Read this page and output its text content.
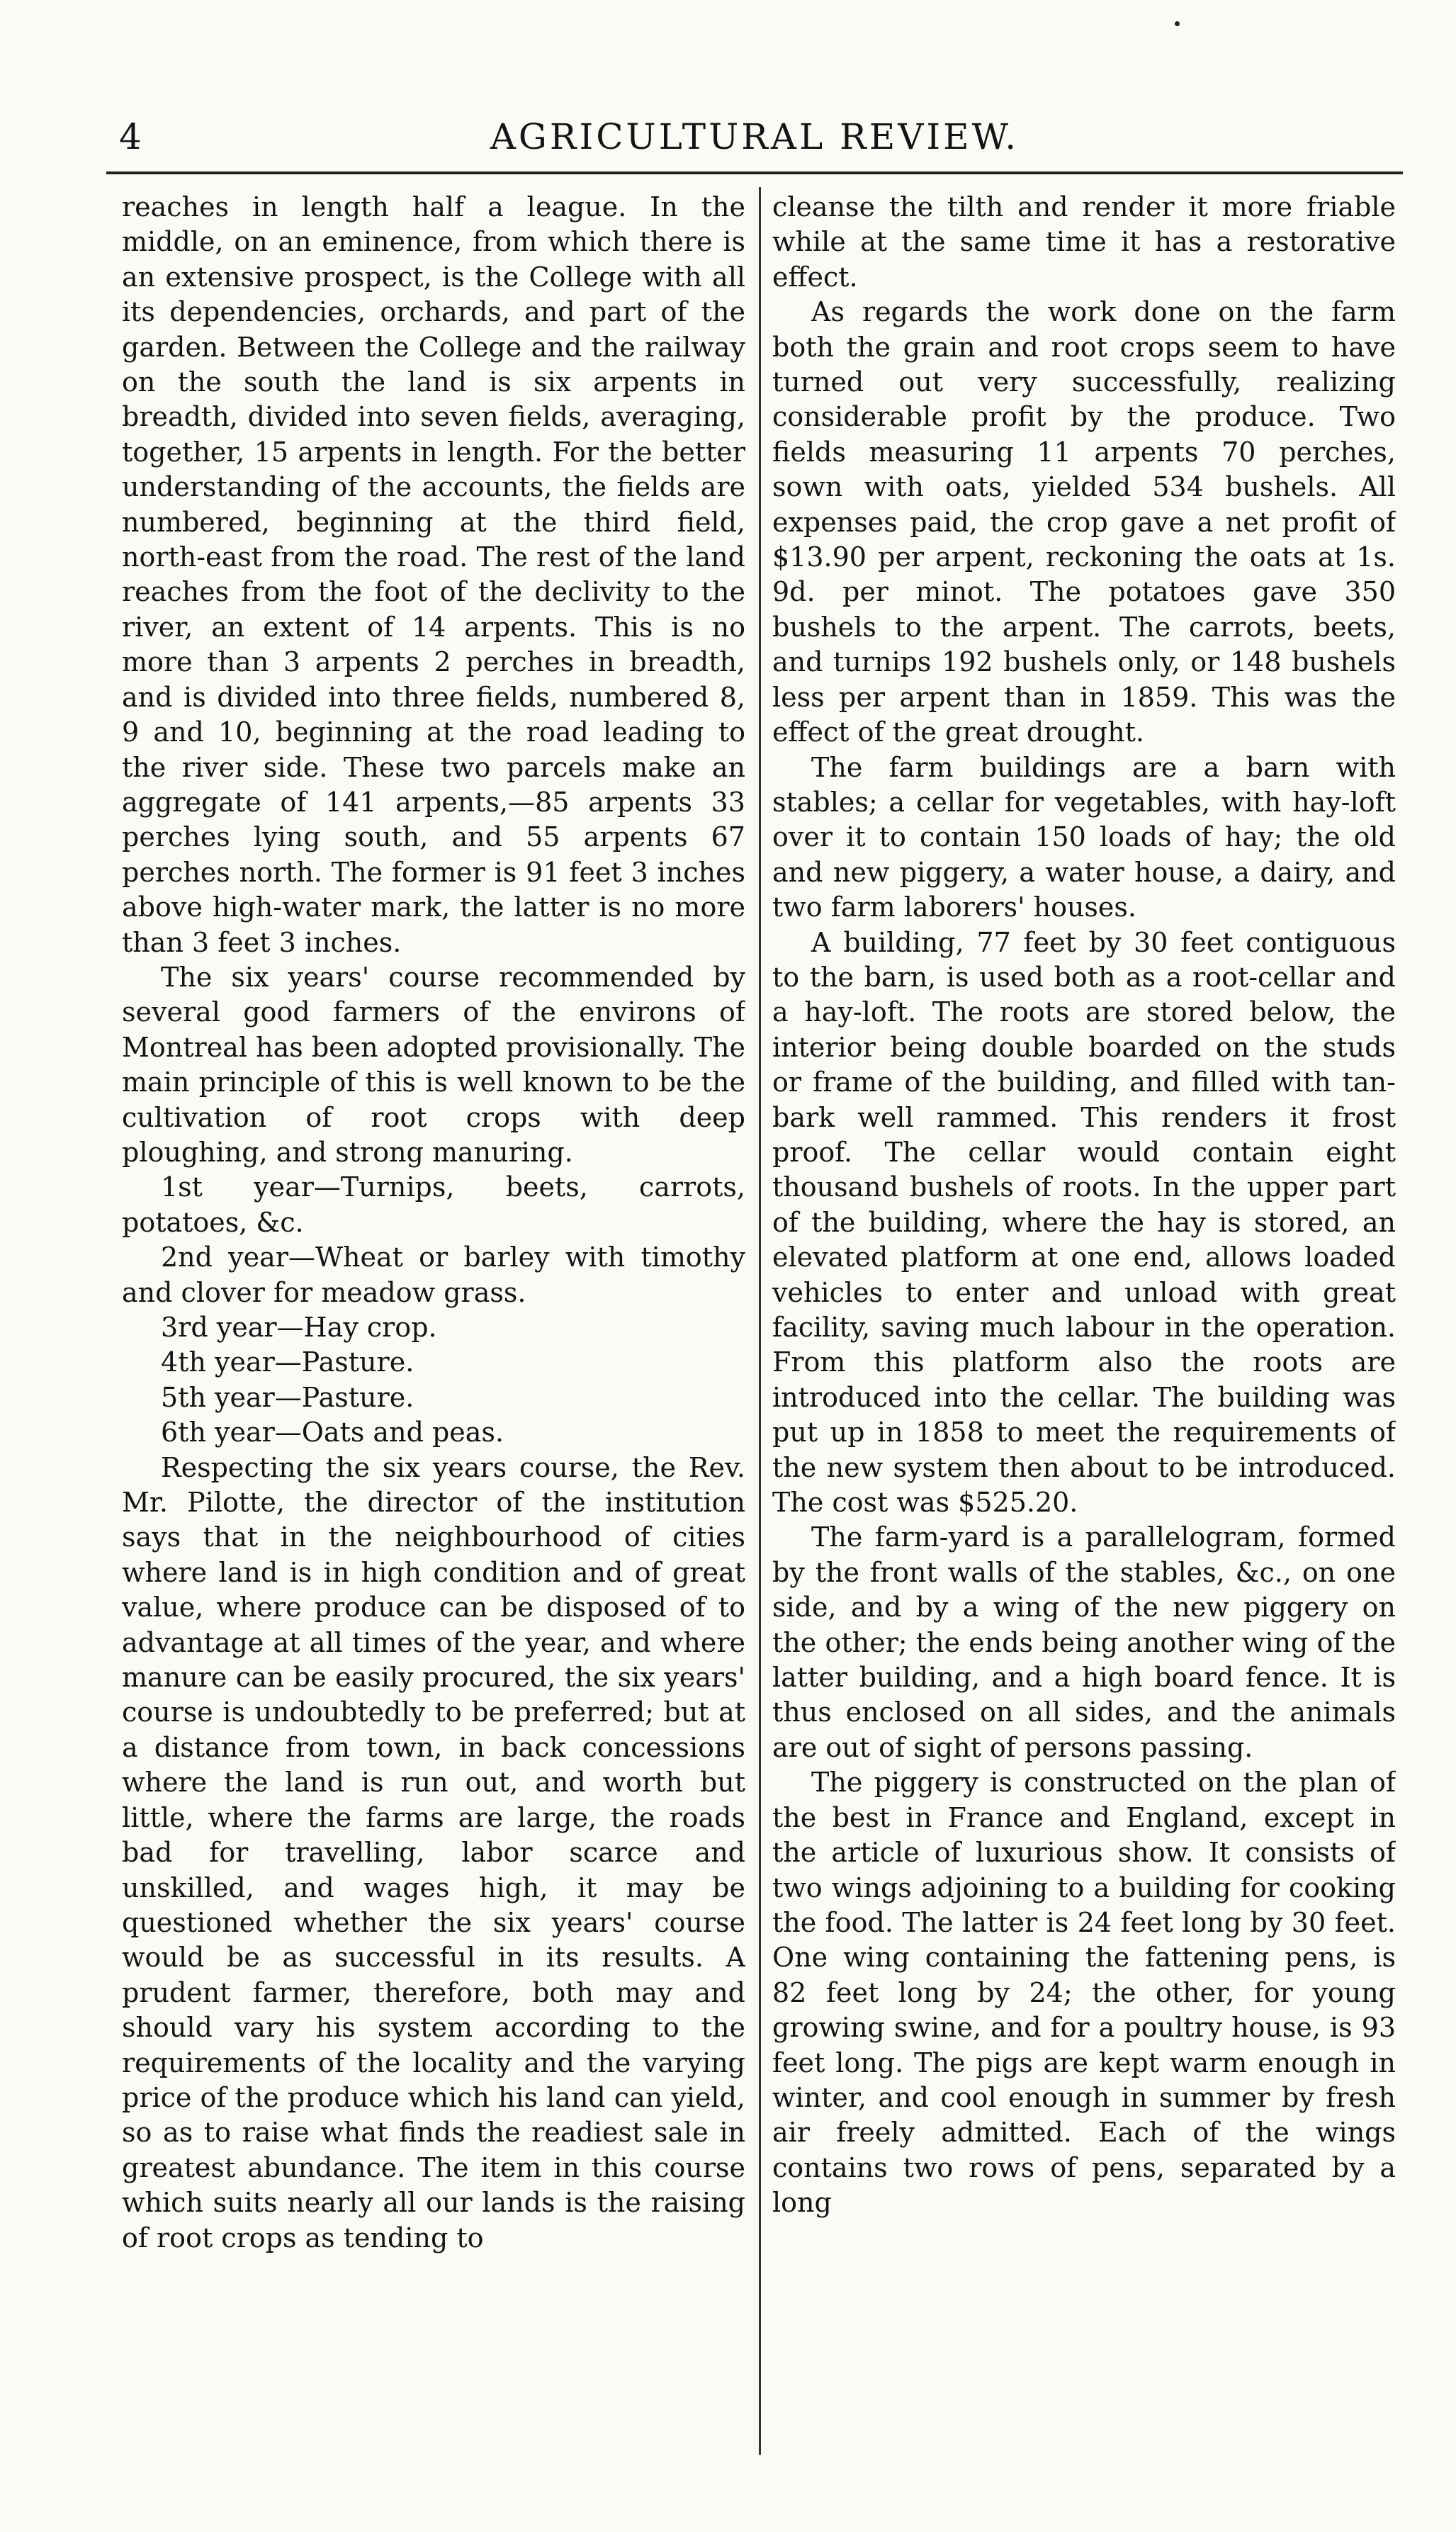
4	AGRICULTURAL REVIEW.

reaches in length half a league. In the middle, on an eminence, from which there is an extensive prospect, is the College with all its dependencies, orchards, and part of the garden. Between the College and the railway on the south the land is six arpents in breadth, divided into seven fields, averaging, together, 15 arpents in length. For the better understanding of the accounts, the fields are numbered, beginning at the third field, north-east from the road. The rest of the land reaches from the foot of the declivity to the river, an extent of 14 arpents. This is no more than 3 arpents 2 perches in breadth, and is divided into three fields, numbered 8, 9 and 10, beginning at the road leading to the river side. These two parcels make an aggregate of 141 arpents,—85 arpents 33 perches lying south, and 55 arpents 67 perches north. The former is 91 feet 3 inches above high-water mark, the latter is no more than 3 feet 3 inches.

The six years' course recommended by several good farmers of the environs of Montreal has been adopted provisionally. The main principle of this is well known to be the cultivation of root crops with deep ploughing, and strong manuring.

1st year—Turnips, beets, carrots, potatoes, &c.

2nd year—Wheat or barley with timothy and clover for meadow grass.

3rd year—Hay crop.

4th year—Pasture.

5th year—Pasture.

6th year—Oats and peas.

Respecting the six years course, the Rev. Mr. Pilotte, the director of the institution says that in the neighbourhood of cities where land is in high condition and of great value, where produce can be disposed of to advantage at all times of the year, and where manure can be easily procured, the six years' course is undoubtedly to be preferred; but at a distance from town, in back concessions where the land is run out, and worth but little, where the farms are large, the roads bad for travelling, labor scarce and unskilled, and wages high, it may be questioned whether the six years' course would be as successful in its results. A prudent farmer, therefore, both may and should vary his system according to the requirements of the locality and the varying price of the produce which his land can yield, so as to raise what finds the readiest sale in greatest abundance. The item in this course which suits nearly all our lands is the raising of root crops as tending to

cleanse the tilth and render it more friable while at the same time it has a restorative effect.

As regards the work done on the farm both the grain and root crops seem to have turned out very successfully, realizing considerable profit by the produce. Two fields measuring 11 arpents 70 perches, sown with oats, yielded 534 bushels. All expenses paid, the crop gave a net profit of $13.90 per arpent, reckoning the oats at 1s. 9d. per minot. The potatoes gave 350 bushels to the arpent. The carrots, beets, and turnips 192 bushels only, or 148 bushels less per arpent than in 1859. This was the effect of the great drought.

The farm buildings are a barn with stables; a cellar for vegetables, with hay-loft over it to contain 150 loads of hay; the old and new piggery, a water house, a dairy, and two farm laborers' houses.

A building, 77 feet by 30 feet contiguous to the barn, is used both as a root-cellar and a hay-loft. The roots are stored below, the interior being double boarded on the studs or frame of the building, and filled with tan-bark well rammed. This renders it frost proof. The cellar would contain eight thousand bushels of roots. In the upper part of the building, where the hay is stored, an elevated platform at one end, allows loaded vehicles to enter and unload with great facility, saving much labour in the operation. From this platform also the roots are introduced into the cellar. The building was put up in 1858 to meet the requirements of the new system then about to be introduced. The cost was $525.20.

The farm-yard is a parallelogram, formed by the front walls of the stables, &c., on one side, and by a wing of the new piggery on the other; the ends being another wing of the latter building, and a high board fence. It is thus enclosed on all sides, and the animals are out of sight of persons passing.

The piggery is constructed on the plan of the best in France and England, except in the article of luxurious show. It consists of two wings adjoining to a building for cooking the food. The latter is 24 feet long by 30 feet. One wing containing the fattening pens, is 82 feet long by 24; the other, for young growing swine, and for a poultry house, is 93 feet long. The pigs are kept warm enough in winter, and cool enough in summer by fresh air freely admitted. Each of the wings contains two rows of pens, separated by a long
